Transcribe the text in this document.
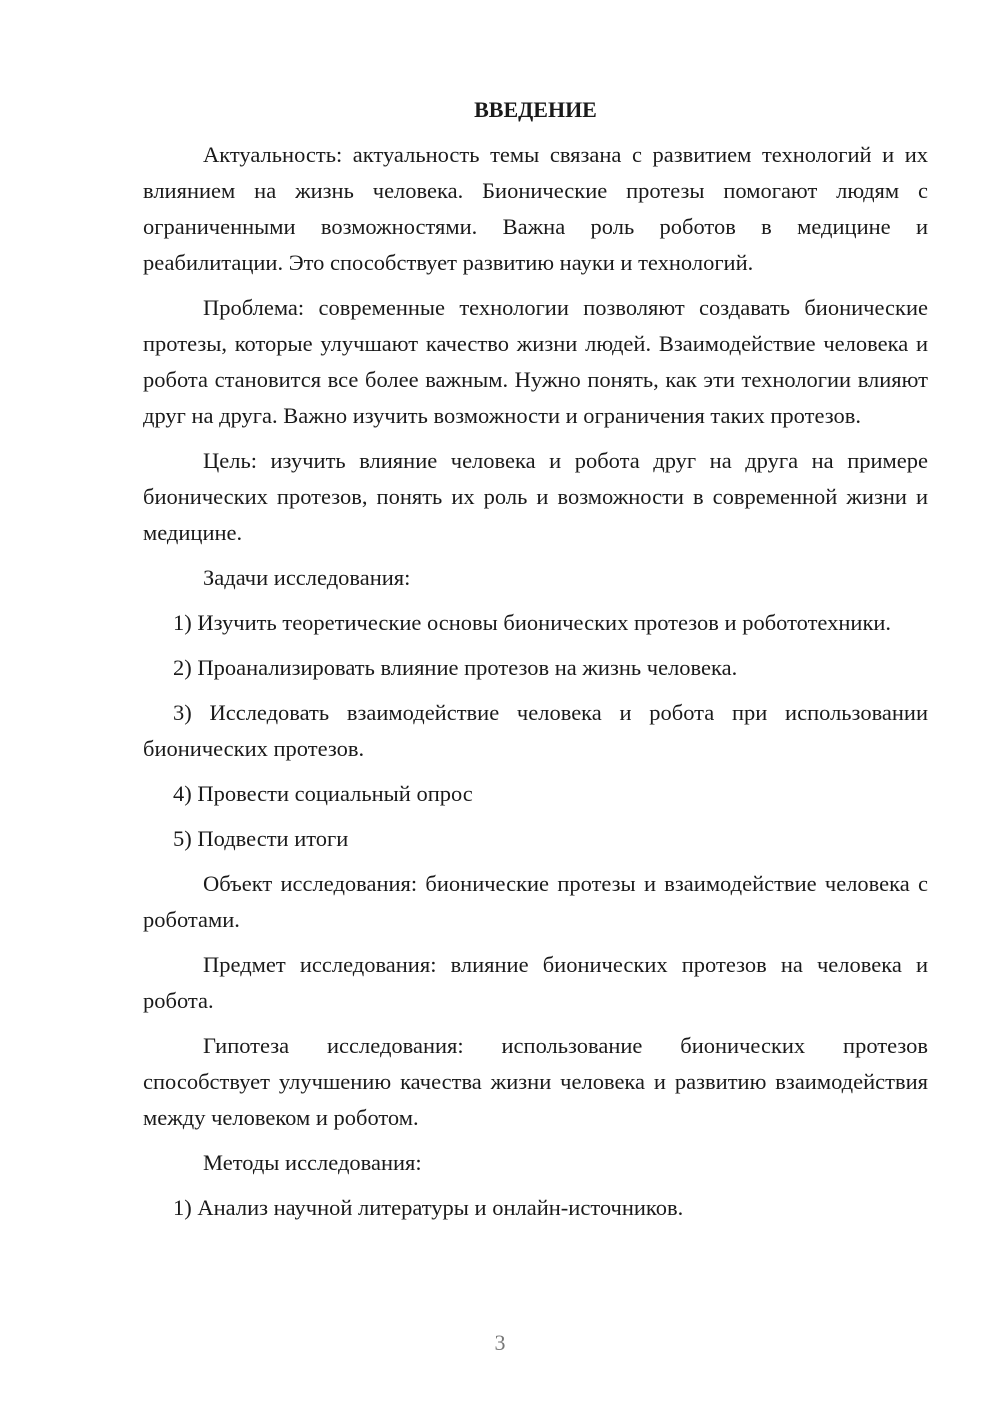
ВВЕДЕНИЕ

Актуальность: актуальность темы связана с развитием технологий и их влиянием на жизнь человека. Бионические протезы помогают людям с ограниченными возможностями. Важна роль роботов в медицине и реабилитации. Это способствует развитию науки и технологий.

Проблема: современные технологии позволяют создавать бионические протезы, которые улучшают качество жизни людей. Взаимодействие человека и робота становится все более важным. Нужно понять, как эти технологии влияют друг на друга. Важно изучить возможности и ограничения таких протезов.

Цель: изучить влияние человека и робота друг на друга на примере бионических протезов, понять их роль и возможности в современной жизни и медицине.

Задачи исследования:

1) Изучить теоретические основы бионических протезов и робототехники.

2) Проанализировать влияние протезов на жизнь человека.

3) Исследовать взаимодействие человека и робота при использовании бионических протезов.

4) Провести социальный опрос

5) Подвести итоги

Объект исследования: бионические протезы и взаимодействие человека с роботами.

Предмет исследования: влияние бионических протезов на человека и робота.

Гипотеза исследования: использование бионических протезов способствует улучшению качества жизни человека и развитию взаимодействия между человеком и роботом.

Методы исследования:

1) Анализ научной литературы и онлайн-источников.

3
